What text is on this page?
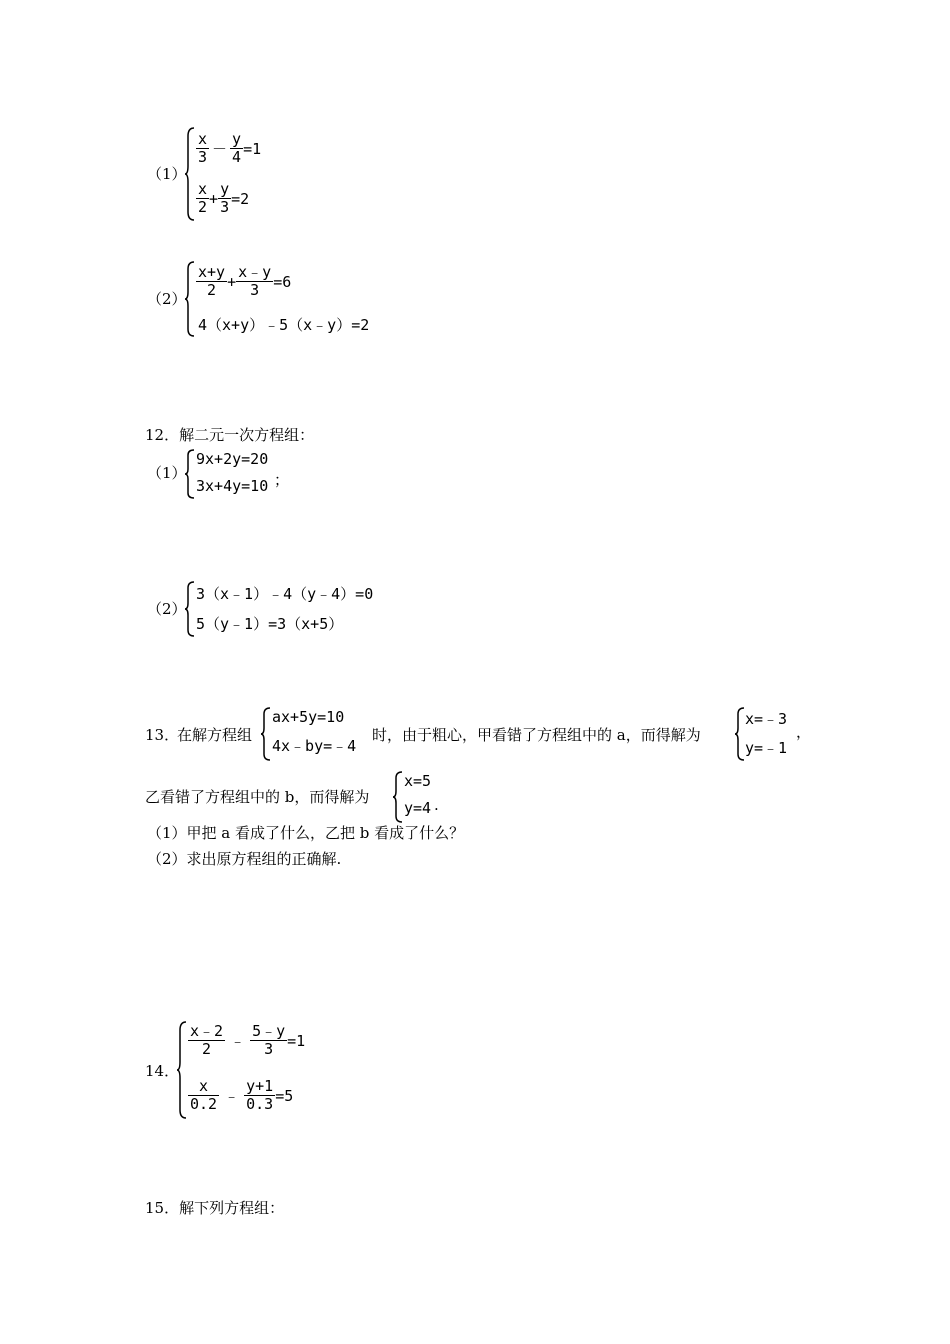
（1）
$\frac{x}{3} - \frac{y}{4} =1$
$\frac{x}{2} + \frac{y}{3} =2$
$(2) \frac{x+y}{2} + \frac{x﹣y}{3} =6$
4（x+y）﹣5（x﹣y）=2
12．解二元一次方程组：
（1）
9x+2y=20
3x+4y=10 ；
（2）
3（x﹣1）﹣4（y﹣4）=0
5（y﹣1）=3（x+5）
13．
在解方程组
ax+5y=10
4x﹣by=﹣4
时，由于粗心，甲看错了方程组中的 a，而得解为
x=﹣3
y=﹣1
，
乙看错了方程组中的 b，而得解为
x=5
y=4 .
（1）甲把 a 看成了什么，乙把 b 看成了什么？
（2）求出原方程组的正确解.
14．
$\frac{x﹣2}{2}$ ﹣ $\frac{5﹣y}{3} =1$
$\frac{x}{0.2}$ ﹣ $\frac{y+1}{0.3} =5$
15．解下列方程组：
